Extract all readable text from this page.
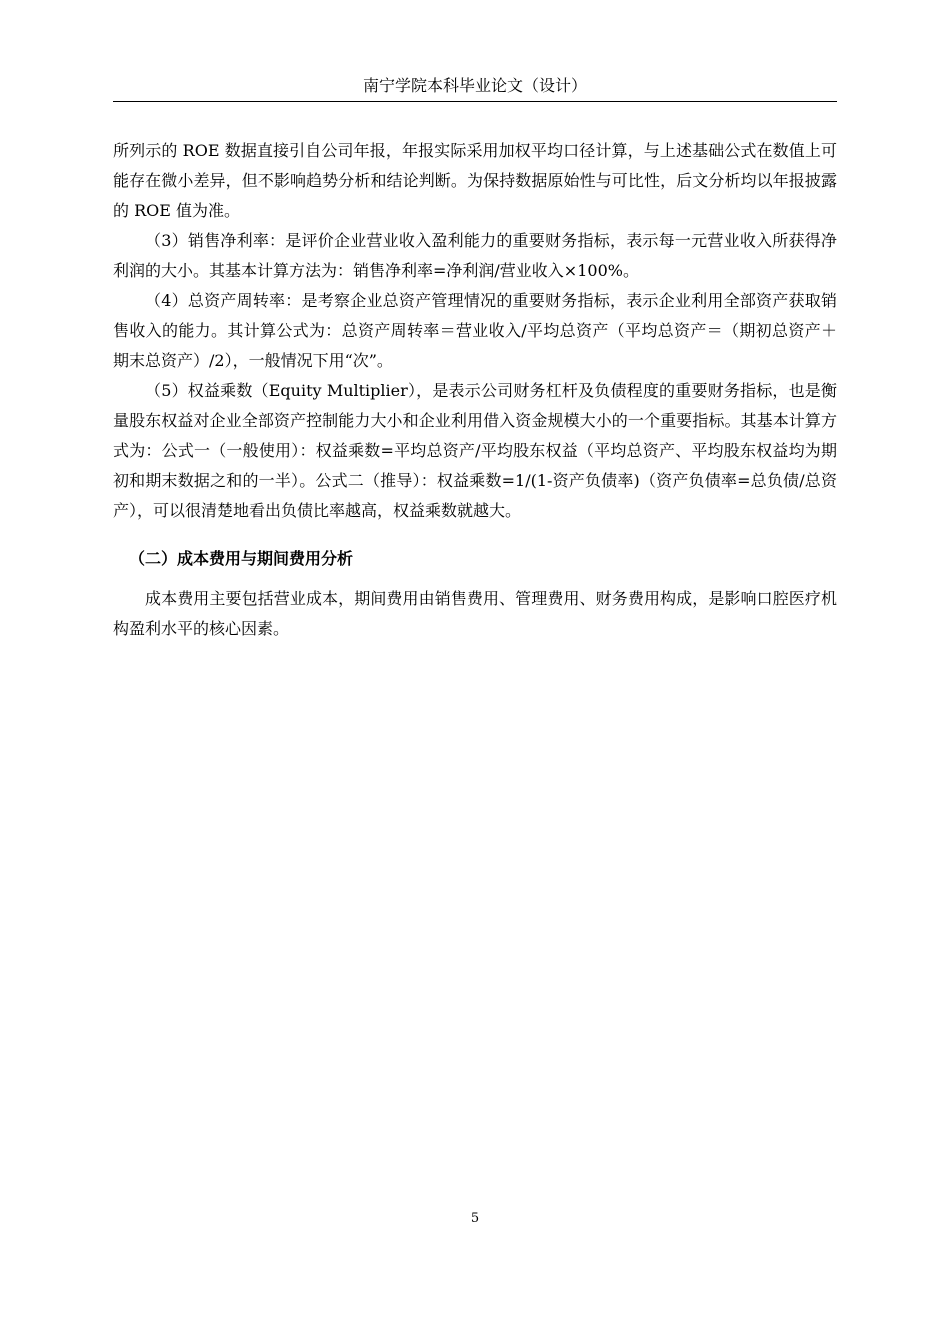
南宁学院本科毕业论文（设计）

所列示的 ROE 数据直接引自公司年报，年报实际采用加权平均口径计算，与上述基础公式在数值上可能存在微小差异，但不影响趋势分析和结论判断。为保持数据原始性与可比性，后文分析均以年报披露的 ROE 值为准。

（3）销售净利率：是评价企业营业收入盈利能力的重要财务指标，表示每一元营业收入所获得净利润的大小。其基本计算方法为：销售净利率=净利润/营业收入×100%。

（4）总资产周转率：是考察企业总资产管理情况的重要财务指标，表示企业利用全部资产获取销售收入的能力。其计算公式为：总资产周转率＝营业收入/平均总资产（平均总资产＝（期初总资产＋期末总资产）/2），一般情况下用“次”。

（5）权益乘数（Equity Multiplier），是表示公司财务杠杆及负债程度的重要财务指标，也是衡量股东权益对企业全部资产控制能力大小和企业利用借入资金规模大小的一个重要指标。其基本计算方式为：公式一（一般使用）：权益乘数=平均总资产/平均股东权益（平均总资产、平均股东权益均为期初和期末数据之和的一半）。公式二（推导）：权益乘数=1/(1-资产负债率)（资产负债率=总负债/总资产），可以很清楚地看出负债比率越高，权益乘数就越大。

（二）成本费用与期间费用分析

成本费用主要包括营业成本，期间费用由销售费用、管理费用、财务费用构成，是影响口腔医疗机构盈利水平的核心因素。

5
